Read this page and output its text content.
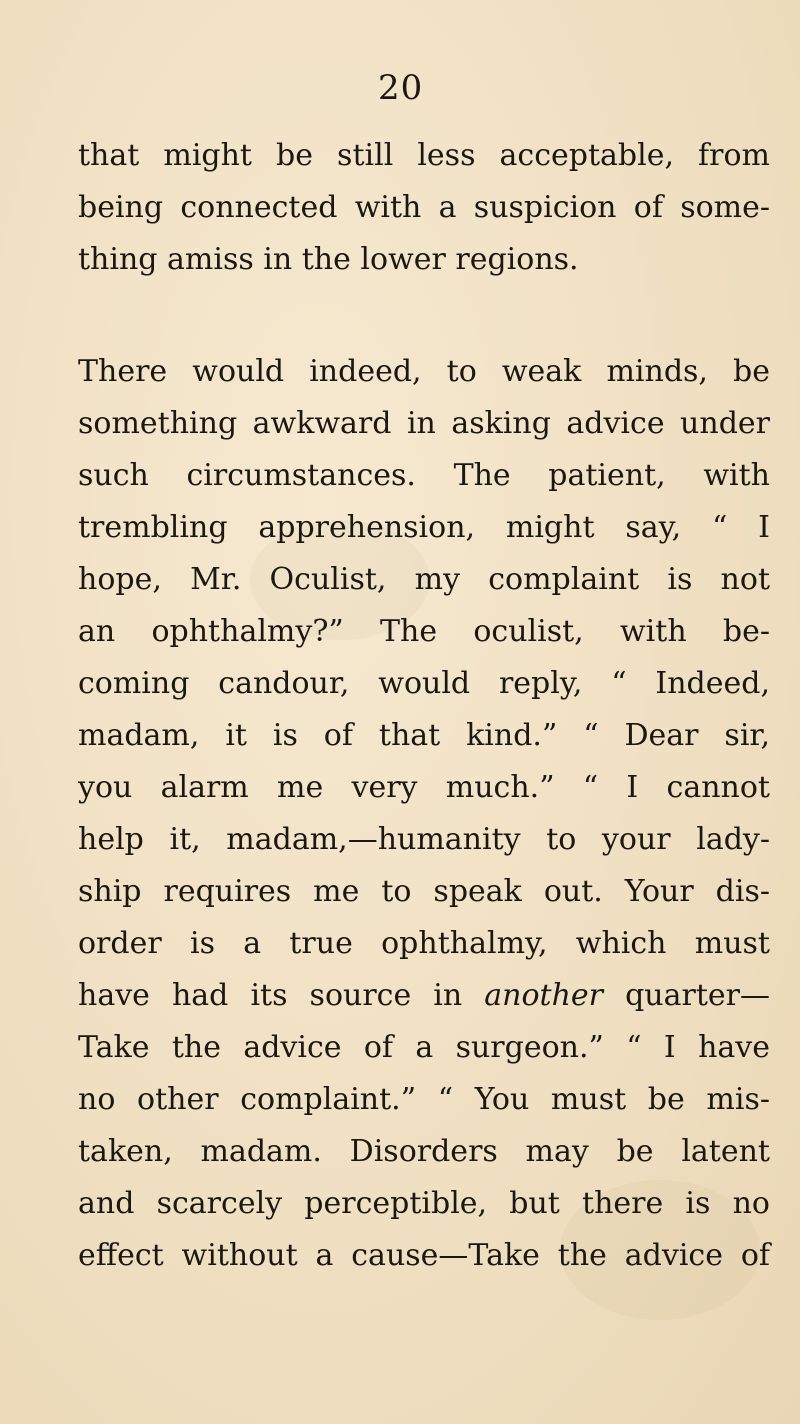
20

that might be still less acceptable, from
being connected with a suspicion of some-
thing amiss in the lower regions.

There would indeed, to weak minds, be
something awkward in asking advice under
such circumstances. The patient, with
trembling apprehension, might say, “ I
hope, Mr. Oculist, my complaint is not
an ophthalmy?” The oculist, with be-
coming candour, would reply, “ Indeed,
madam, it is of that kind.” “ Dear sir,
you alarm me very much.” “ I cannot
help it, madam,—humanity to your lady-
ship requires me to speak out. Your dis-
order is a true ophthalmy, which must
have had its source in another quarter—
Take the advice of a surgeon.” “ I have
no other complaint.” “ You must be mis-
taken, madam. Disorders may be latent
and scarcely perceptible, but there is no
effect without a cause—Take the advice of
